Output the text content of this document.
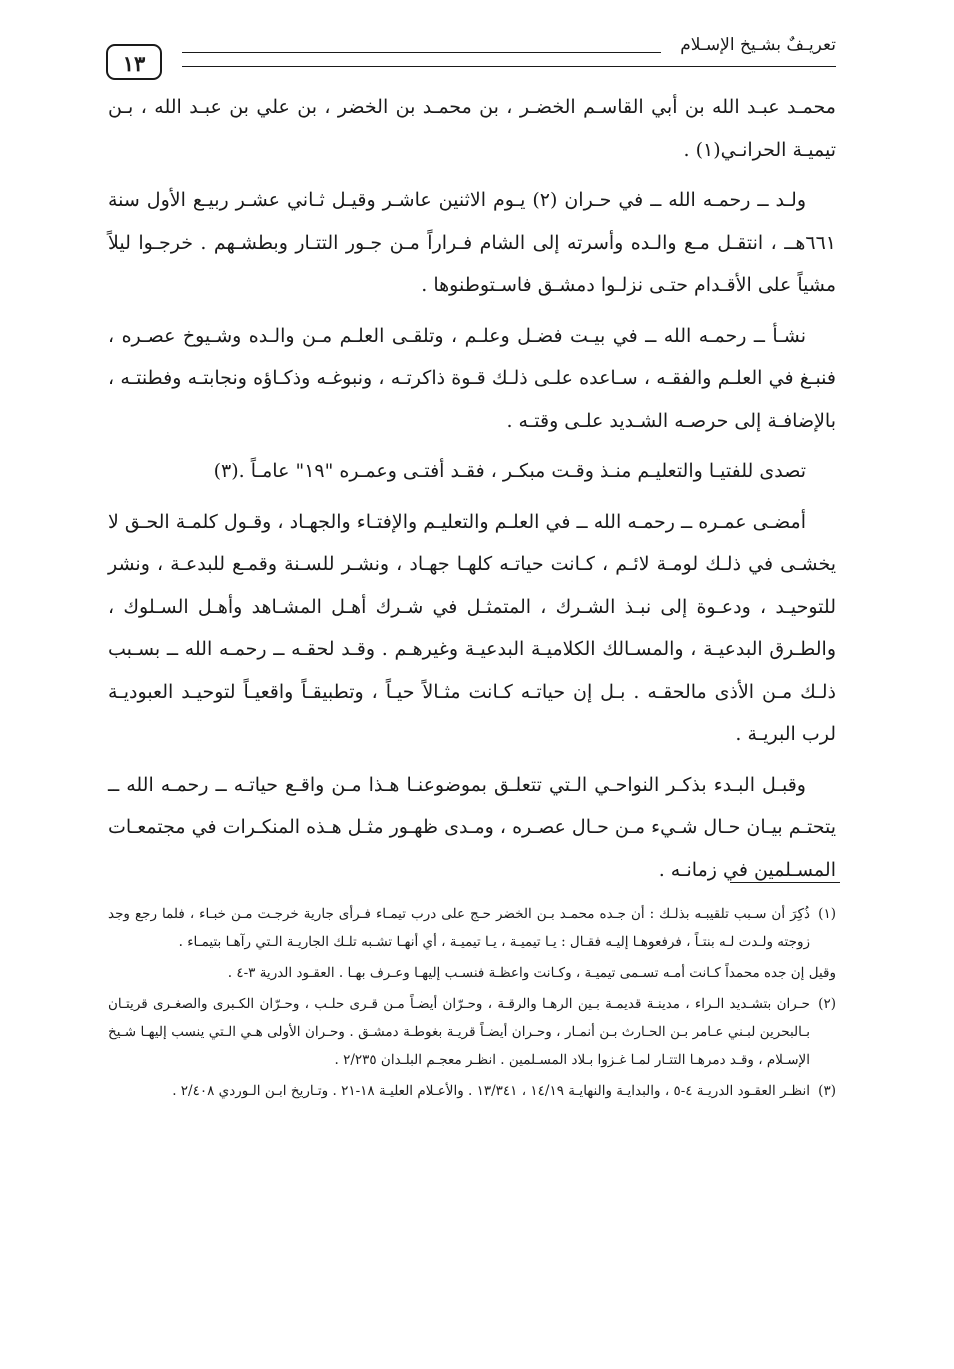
تعريـفٌ بشـيخ الإسـلام
١٣

محمـد عبـد الله بن أبي القاسـم الخضـر ، بن محمـد بن الخضر ، بن علي بن عبـد الله ، بـن تيميـة الحرانـي(١) .

ولـد ــ رحمـه الله ــ في حـران (٢) يـوم الاثنين عاشـر وقيـل ثـاني عشـر ربيـع الأول سنة ٦٦١هــ ، انتقـل مـع والـده وأسرته إلى الشام فـراراً مـن جـور التتـار وبطشـهم . خرجـوا ليلاً مشياً على الأقـدام حتـى نزلـوا دمشـق فاسـتوطنوها .

نشـأ ــ رحمـه الله ــ في بيـت فضـل وعلـم ، وتلقـى العلـم مـن والـده وشـيوخ عصـره ، فنبـغ في العلـم والفقـه ، سـاعده علـى ذلـك قـوة ذاكرتـه ، ونبوغـه وذكـاؤه ونجابتـه وفطنتـه ، بالإضافـة إلى حرصـه الشـديد علـى وقتـه .

تصدى للفتيـا والتعليـم منـذ وقـت مبكـر ، فقـد أفتـى وعمـره "١٩" عامـاً .(٣)

أمضـى عمـره ــ رحمـه الله ــ في العلـم والتعليـم والإفتـاء والجهـاد ، وقـول كلمـة الحـق لا يخشـى في ذلـك لومـة لائـم ، كـانت حياتـه كلهـا جهـاد ، ونشـر للسـنة وقمـع للبدعـة ، ونشر للتوحيـد ، ودعـوة إلى نبـذ الشـرك ، المتمثـل في شـرك أهـل المشـاهد وأهـل السـلوك ، والطـرق البدعيـة ، والمسـالك الكلاميـة البدعيـة وغيرهـم . وقـد لحقـه ــ رحمـه الله ــ بسـبب ذلـك مـن الأذى مالحقـه . بـل إن حياتـه كـانت مثـالاً حيـاً ، وتطبيقـاً واقعيـاً لتوحيـد العبوديـة لرب البريـة .

وقبـل البـدء بذكـر النواحـي الـتي تتعلـق بموضوعنـا هـذا مـن واقـع حياتـه ــ رحمـه الله ــ يتحتـم بيـان حـال شـيء مـن حـال عصـره ، ومـدى ظهـور مثـل هـذه المنكـرات في مجتمعـات المسـلمين في زمانـه .

(١)
ذُكِرَ أن سـبب تلقيبـه بذلـك : أن جـده محمـد بـن الخضر حـج على درب تيمـاء فـرأى جارية خرجـت مـن خبـاء ، فلما رجع وجد زوجته ولـدت لـه بنتـاً ، فرفعوهـا إليـه فقـال : يـا تيميـة ، يـا تيميـة ، أي أنهـا تشـبه تلـك الجاريـة الـتي رآهـا بتيمـاء .

وقيل إن جده محمداً كـانت أمـه تسـمى تيميـة ، وكـانت واعظـة فنسـب إليهـا وعـرف بهـا . العقـود الدرية ٣-٤ .

(٢)
حـران بتشـديد الـراء ، مدينـة قديمـة بـين الرهـا والرقـة ، وحـرّان أيضـاً مـن قـرى حلـب ، وحـرّان الكـبرى والصغـرى قريتـان بـالبحرين لبـني عـامر بـن الحـارث بـن أنمـار ، وحـران أيضـاً قريـة بغوطـة دمشـق . وحـران الأولى هـي الـتي ينسب إليهـا شـيخ الإسـلام ، وقـد دمرهـا التتـار لمـا غـزوا بـلاد المسـلمين . انظـر معجـم البلـدان ٢/٢٣٥ .

(٣)
انظـر العقـود الدريـة ٤-٥ ، والبدايـة والنهايـة ١٤/١٩ ، ١٣/٣٤١ . والأعـلام العليـة ١٨-٢١ . وتـاريخ ابـن الـوردي ٢/٤٠٨ .
